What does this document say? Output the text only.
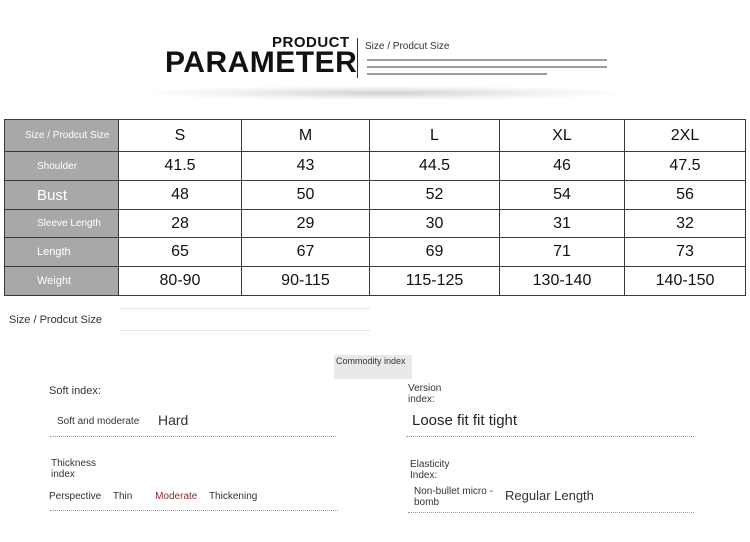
PRODUCT
PARAMETER Size / Prodcut Size
Size / Prodcut Size	S	M	L	XL	2XL
Shoulder	41.5	43	44.5	46	47.5
Bust	48	50	52	54	56
Sleeve Length	28	29	30	31	32
Length	65	67	69	71	73
Weight	80-90	90-115	115-125	130-140	140-150
Size / Prodcut Size
Commodity index
Soft index:
Soft and moderate Hard
Version index:
Loose fit fit tight
Thickness index
Perspective Thin Moderate Thickening
Elasticity Index:
Non-bullet micro -bomb	Regular Length
